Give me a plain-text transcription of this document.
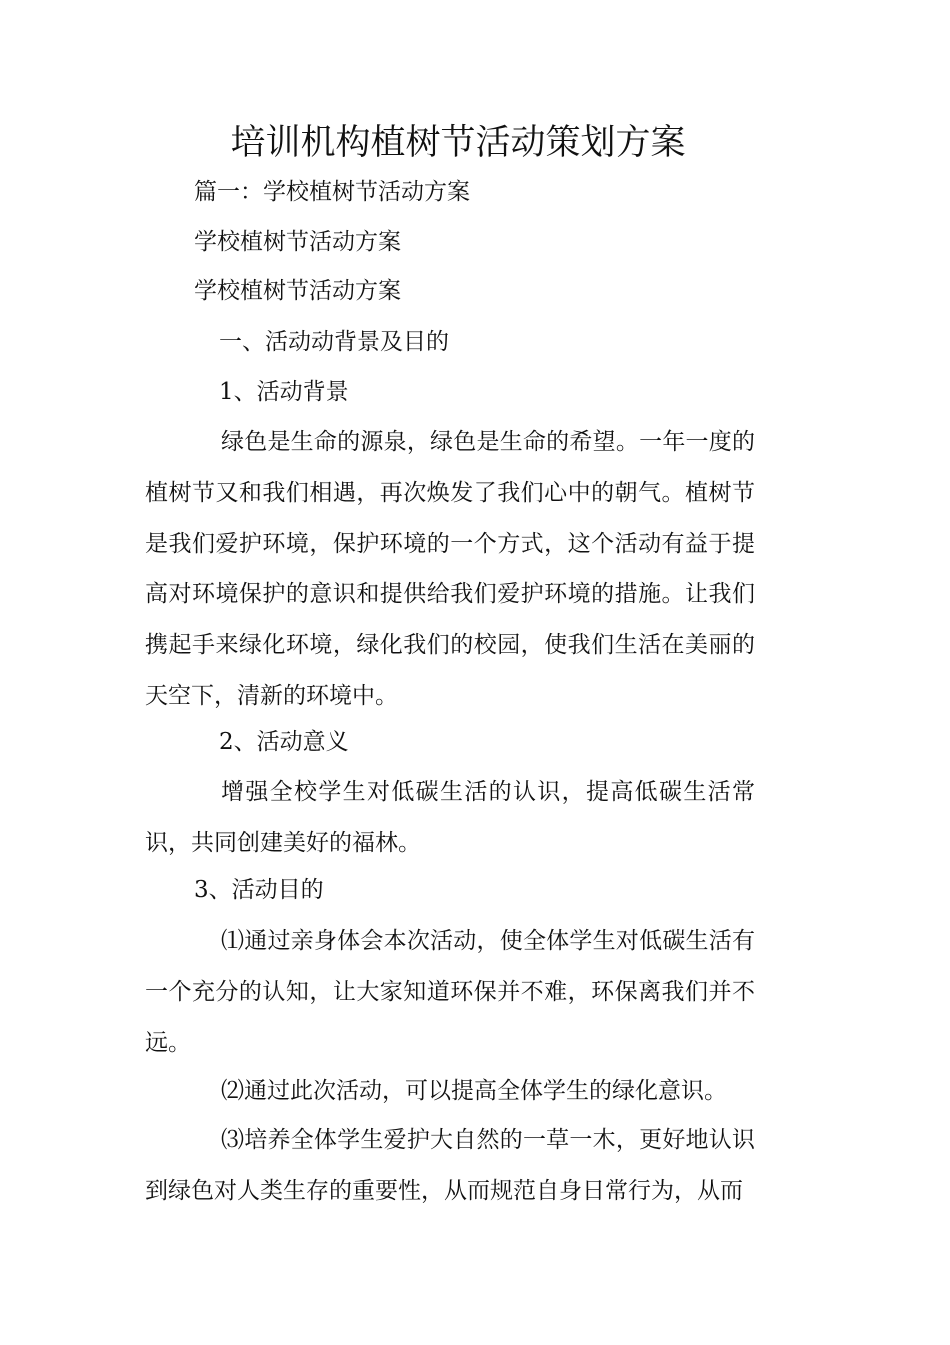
培训机构植树节活动策划方案

篇一：学校植树节活动方案

学校植树节活动方案

学校植树节活动方案

一、活动动背景及目的

1、活动背景

绿色是生命的源泉，绿色是生命的希望。一年一度的植树节又和我们相遇，再次焕发了我们心中的朝气。植树节是我们爱护环境，保护环境的一个方式，这个活动有益于提高对环境保护的意识和提供给我们爱护环境的措施。让我们携起手来绿化环境，绿化我们的校园，使我们生活在美丽的天空下，清新的环境中。

2、活动意义

增强全校学生对低碳生活的认识，提高低碳生活常识，共同创建美好的福林。

3、活动目的

⑴通过亲身体会本次活动，使全体学生对低碳生活有一个充分的认知，让大家知道环保并不难，环保离我们并不远。

⑵通过此次活动，可以提高全体学生的绿化意识。

⑶培养全体学生爱护大自然的一草一木，更好地认识到绿色对人类生存的重要性，从而规范自身日常行为，从而
